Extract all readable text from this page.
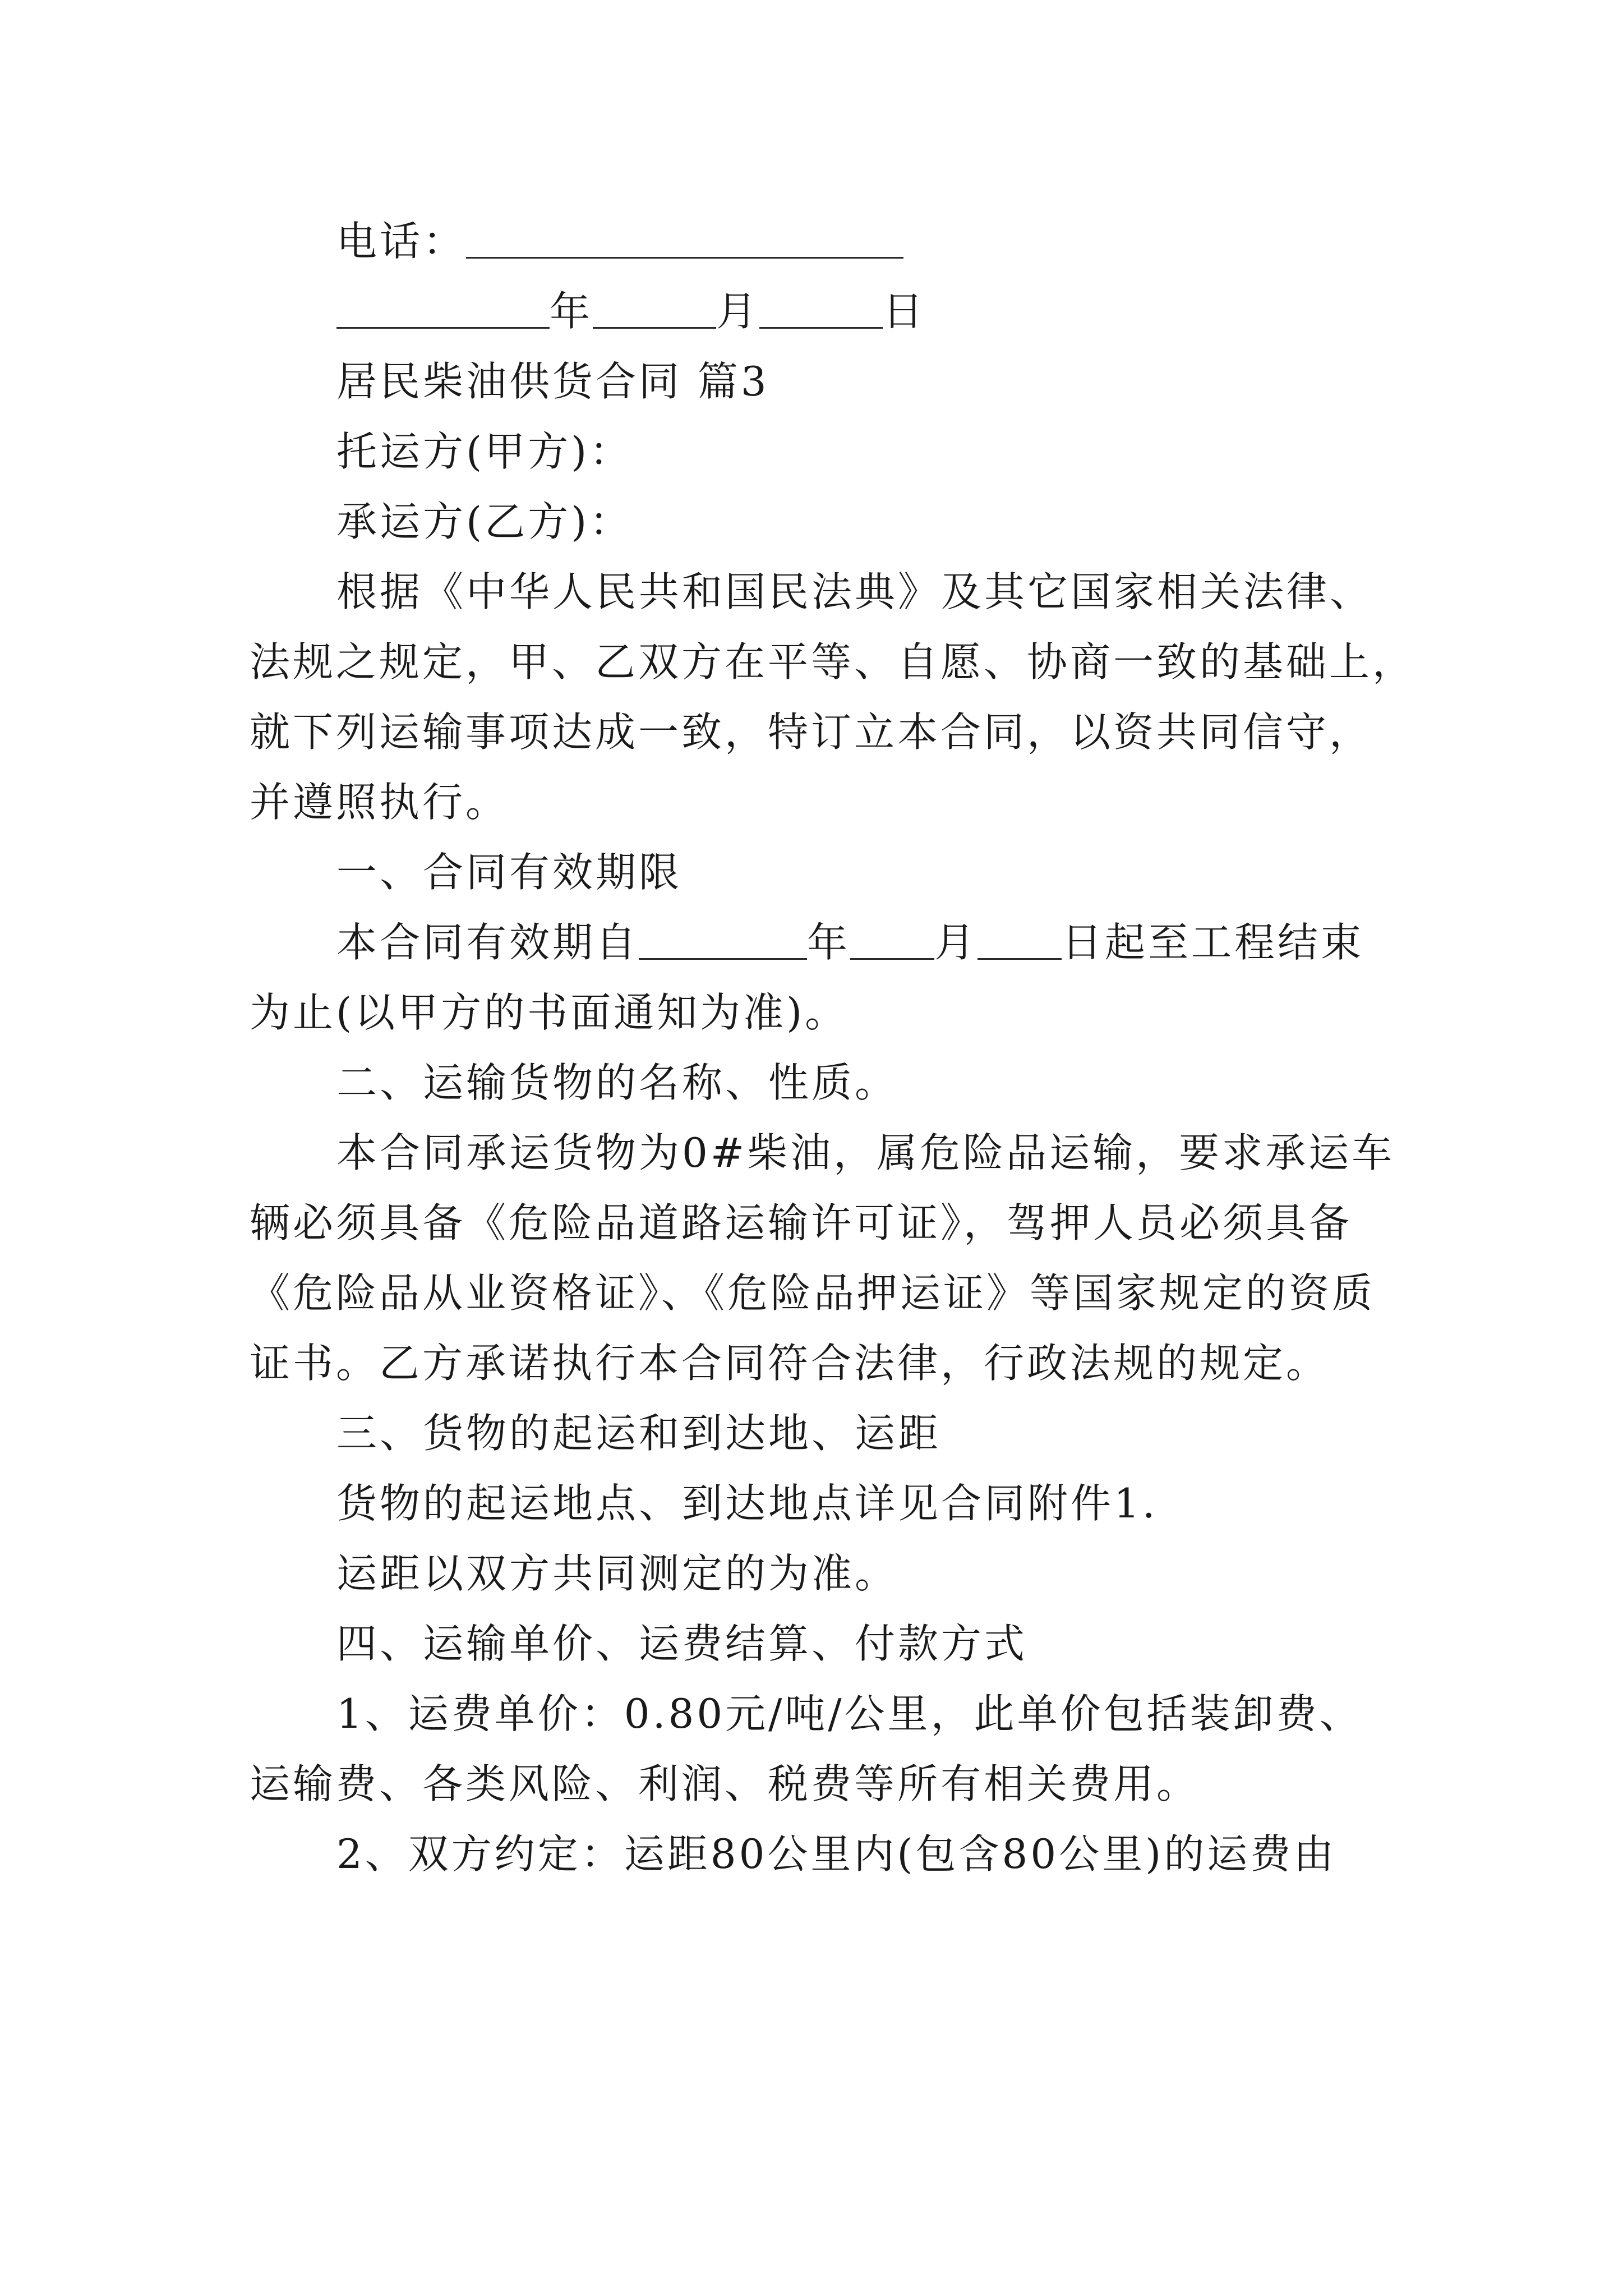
电话：
年	月	日
居民柴油供货合同 篇3
托运方(甲方)：
承运方(乙方)：
根据《中华人民共和国民法典》及其它国家相关法律、
法规之规定，甲、乙双方在平等、自愿、协商一致的基础上，
就下列运输事项达成一致，特订立本合同，以资共同信守，
并遵照执行。
一、合同有效期限
本合同有效期自	年 月 日起至工程结束
为止(以甲方的书面通知为准)。
二、运输货物的名称、性质。
本合同承运货物为0#柴油，属危险品运输，要求承运车
辆必须具备《危险品道路运输许可证》，驾押人员必须具备
《危险品从业资格证》、《危险品押运证》等国家规定的资质
证书。乙方承诺执行本合同符合法律，行政法规的规定。
三、货物的起运和到达地、运距
货物的起运地点、到达地点详见合同附件1.
运距以双方共同测定的为准。
四、运输单价、运费结算、付款方式
1、运费单价：0.80元/吨/公里，此单价包括装卸费、
运输费、各类风险、利润、税费等所有相关费用。
2、双方约定：运距80公里内(包含80公里)的运费由
